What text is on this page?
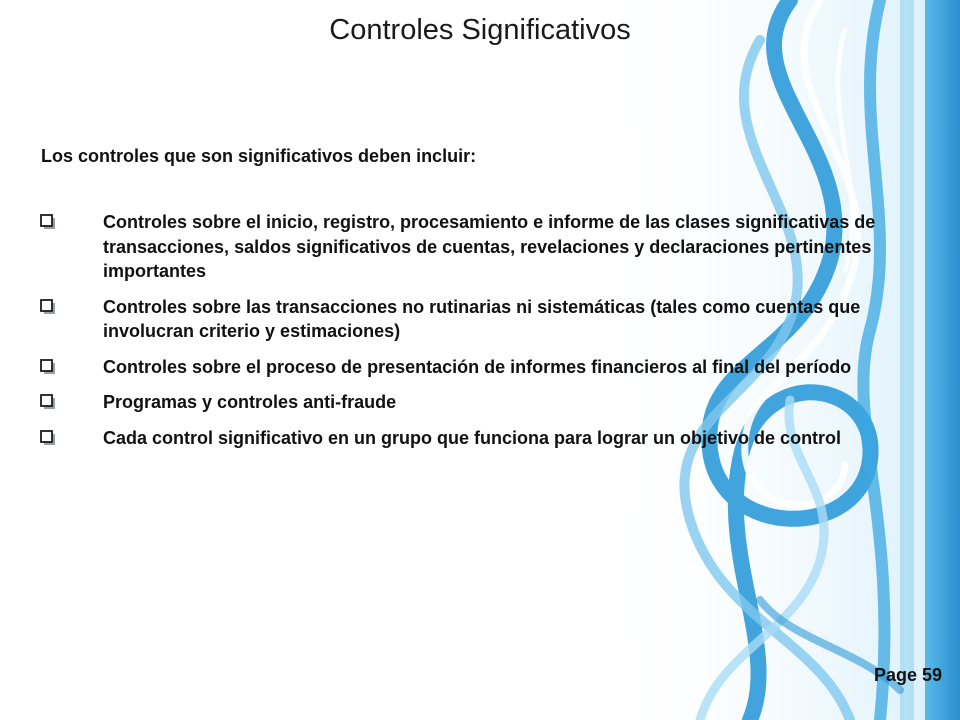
Controles Significativos
Los controles que son significativos deben incluir:
Controles sobre el inicio, registro, procesamiento e informe de las clases significativas de transacciones, saldos significativos de cuentas, revelaciones y declaraciones pertinentes importantes
Controles sobre las transacciones no rutinarias ni sistemáticas (tales como cuentas que involucran criterio y estimaciones)
Controles sobre el proceso de presentación de informes financieros al final del período
Programas y controles anti-fraude
Cada control significativo en un grupo que funciona para lograr un objetivo de control
Page 59
